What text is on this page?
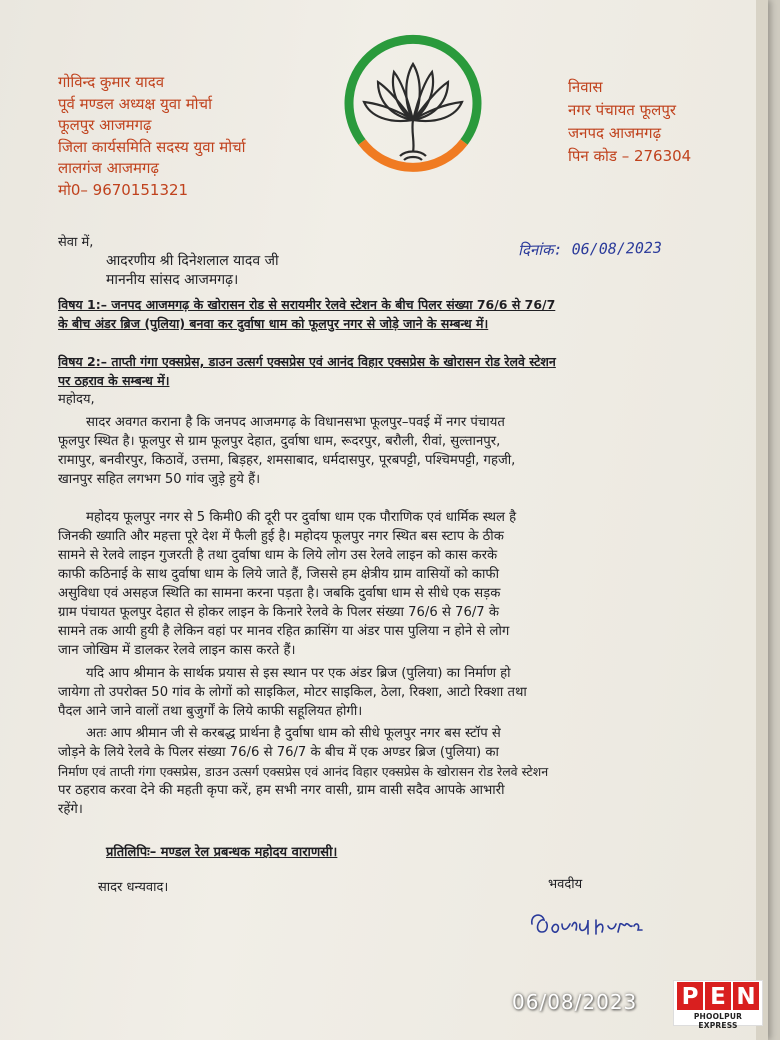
गोविन्द कुमार यादव
पूर्व मण्डल अध्यक्ष युवा मोर्चा
फूलपुर आजमगढ़
जिला कार्यसमिति सदस्य युवा मोर्चा
लालगंज आजमगढ़
मो0– 9670151321
निवास
नगर पंचायत फूलपुर
जनपद आजमगढ़
पिन कोड – 276304
दिनांक: 06/08/2023
सेवा में,
आदरणीय श्री दिनेशलाल यादव जी
माननीय सांसद आजमगढ़।
विषय 1:– जनपद आजमगढ़ के खोरासन रोड से सरायमीर रेलवे स्टेशन के बीच पिलर संख्या 76/6 से 76/7
के बीच अंडर ब्रिज (पुलिया) बनवा कर दुर्वाषा धाम को फूलपुर नगर से जोड़े जाने के सम्बन्ध में।
विषय 2:– ताप्ती गंगा एक्सप्रेस, डाउन उत्सर्ग एक्सप्रेस एवं आनंद विहार एक्सप्रेस के खोरासन रोड रेलवे स्टेशन
पर ठहराव के सम्बन्ध में।
महोदय,
सादर अवगत कराना है कि जनपद आजमगढ़ के विधानसभा फूलपुर–पवई में नगर पंचायत
फूलपुर स्थित है। फूलपुर से ग्राम फूलपुर देहात, दुर्वाषा धाम, रूदरपुर, बरौली, रीवां, सुल्तानपुर,
रामापुर, बनवीरपुर, किठावें, उत्तमा, बिड़हर, शमसाबाद, धर्मदासपुर, पूरबपट्टी, पश्चिमपट्टी, गहजी,
खानपुर सहित लगभग 50 गांव जुड़े हुये हैं।
महोदय फूलपुर नगर से 5 किमी0 की दूरी पर दुर्वाषा धाम एक पौराणिक एवं धार्मिक स्थल है
जिनकी ख्याति और महत्ता पूरे देश में फैली हुई है। महोदय फूलपुर नगर स्थित बस स्टाप के ठीक
सामने से रेलवे लाइन गुजरती है तथा दुर्वाषा धाम के लिये लोग उस रेलवे लाइन को कास करके
काफी कठिनाई के साथ दुर्वाषा धाम के लिये जाते हैं, जिससे हम क्षेत्रीय ग्राम वासियों को काफी
असुविधा एवं असहज स्थिति का सामना करना पड़ता है। जबकि दुर्वाषा धाम से सीधे एक सड़क
ग्राम पंचायत फूलपुर देहात से होकर लाइन के किनारे रेलवे के पिलर संख्या 76/6 से 76/7 के
सामने तक आयी हुयी है लेकिन वहां पर मानव रहित क्रासिंग या अंडर पास पुलिया न होने से लोग
जान जोखिम में डालकर रेलवे लाइन कास करते हैं।
यदि आप श्रीमान के सार्थक प्रयास से इस स्थान पर एक अंडर ब्रिज (पुलिया) का निर्माण हो
जायेगा तो उपरोक्त 50 गांव के लोगों को साइकिल, मोटर साइकिल, ठेला, रिक्शा, आटो रिक्शा तथा
पैदल आने जाने वालों तथा बुजुर्गों के लिये काफी सहूलियत होगी।
अतः आप श्रीमान जी से करबद्ध प्रार्थना है दुर्वाषा धाम को सीधे फूलपुर नगर बस स्टॉप से
जोड़ने के लिये रेलवे के पिलर संख्या 76/6 से 76/7 के बीच में एक अण्डर ब्रिज (पुलिया) का
निर्माण एवं ताप्ती गंगा एक्सप्रेस, डाउन उत्सर्ग एक्सप्रेस एवं आनंद विहार एक्सप्रेस के खोरासन रोड रेलवे स्टेशन
पर ठहराव करवा देने की महती कृपा करें, हम सभी नगर वासी, ग्राम वासी सदैव आपके आभारी
रहेंगे।
प्रतिलिपिः– मण्डल रेल प्रबन्धक महोदय वाराणसी।
सादर धन्यवाद।	भवदीय
06/08/2023 P E N
PHOOLPUR EXPRESS
